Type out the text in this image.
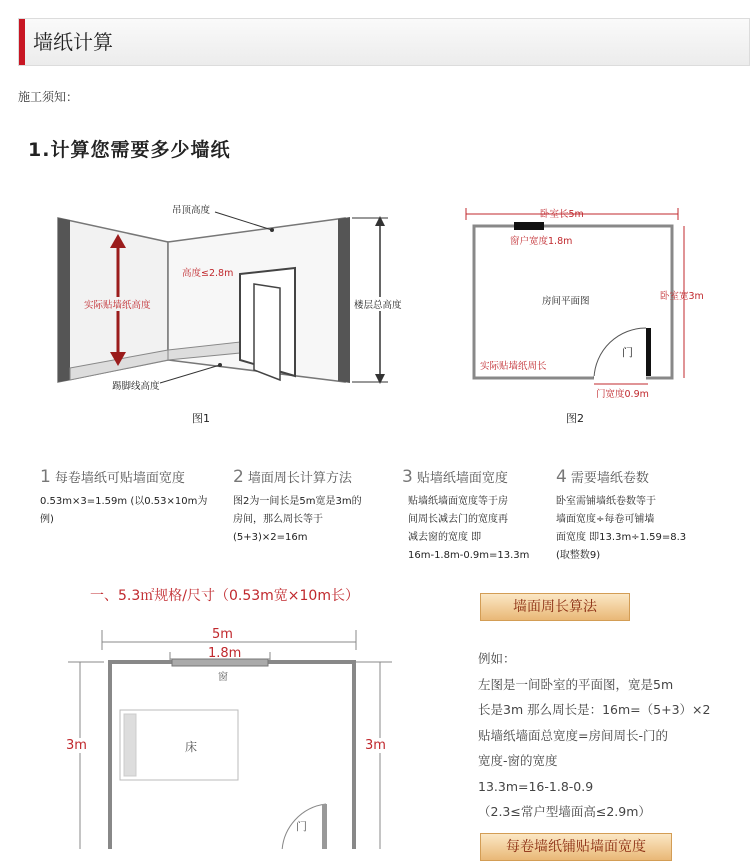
墙纸计算
施工须知：
1.计算您需要多少墙纸
吊顶高度
高度≤2.8m
实际贴墙纸高度	楼层总高度
踢脚线高度
图1
卧室长5m
窗户宽度1.8m
卧室宽3m
房间平面图
门
实际贴墙纸周长
门宽度0.9m
图2
1 每卷墙纸可贴墙面宽度
0.53m×3=1.59m (以0.53×10m为
例)
2 墙面周长计算方法
图2为一间长是5m宽是3m的
房间，那么周长等于
(5+3)×2=16m
3 贴墙纸墙面宽度
贴墙纸墙面宽度等于房
间周长减去门的宽度再
减去窗的宽度 即
16m-1.8m-0.9m=13.3m
4 需要墙纸卷数
卧室需铺墙纸卷数等于
墙面宽度÷每卷可铺墙
面宽度 即13.3m÷1.59=8.3
(取整数9)
一、5.3㎡规格/尺寸（0.53m宽×10m长）
5m
1.8m
窗
3m	3m
床
门
墙面周长算法
例如：
左图是一间卧室的平面图，宽是5m
长是3m 那么周长是：16m=（5+3）×2
贴墙纸墙面总宽度=房间周长-门的
宽度-窗的宽度
13.3m=16-1.8-0.9
（2.3≤常户型墙面高≤2.9m）
每卷墙纸铺贴墙面宽度
